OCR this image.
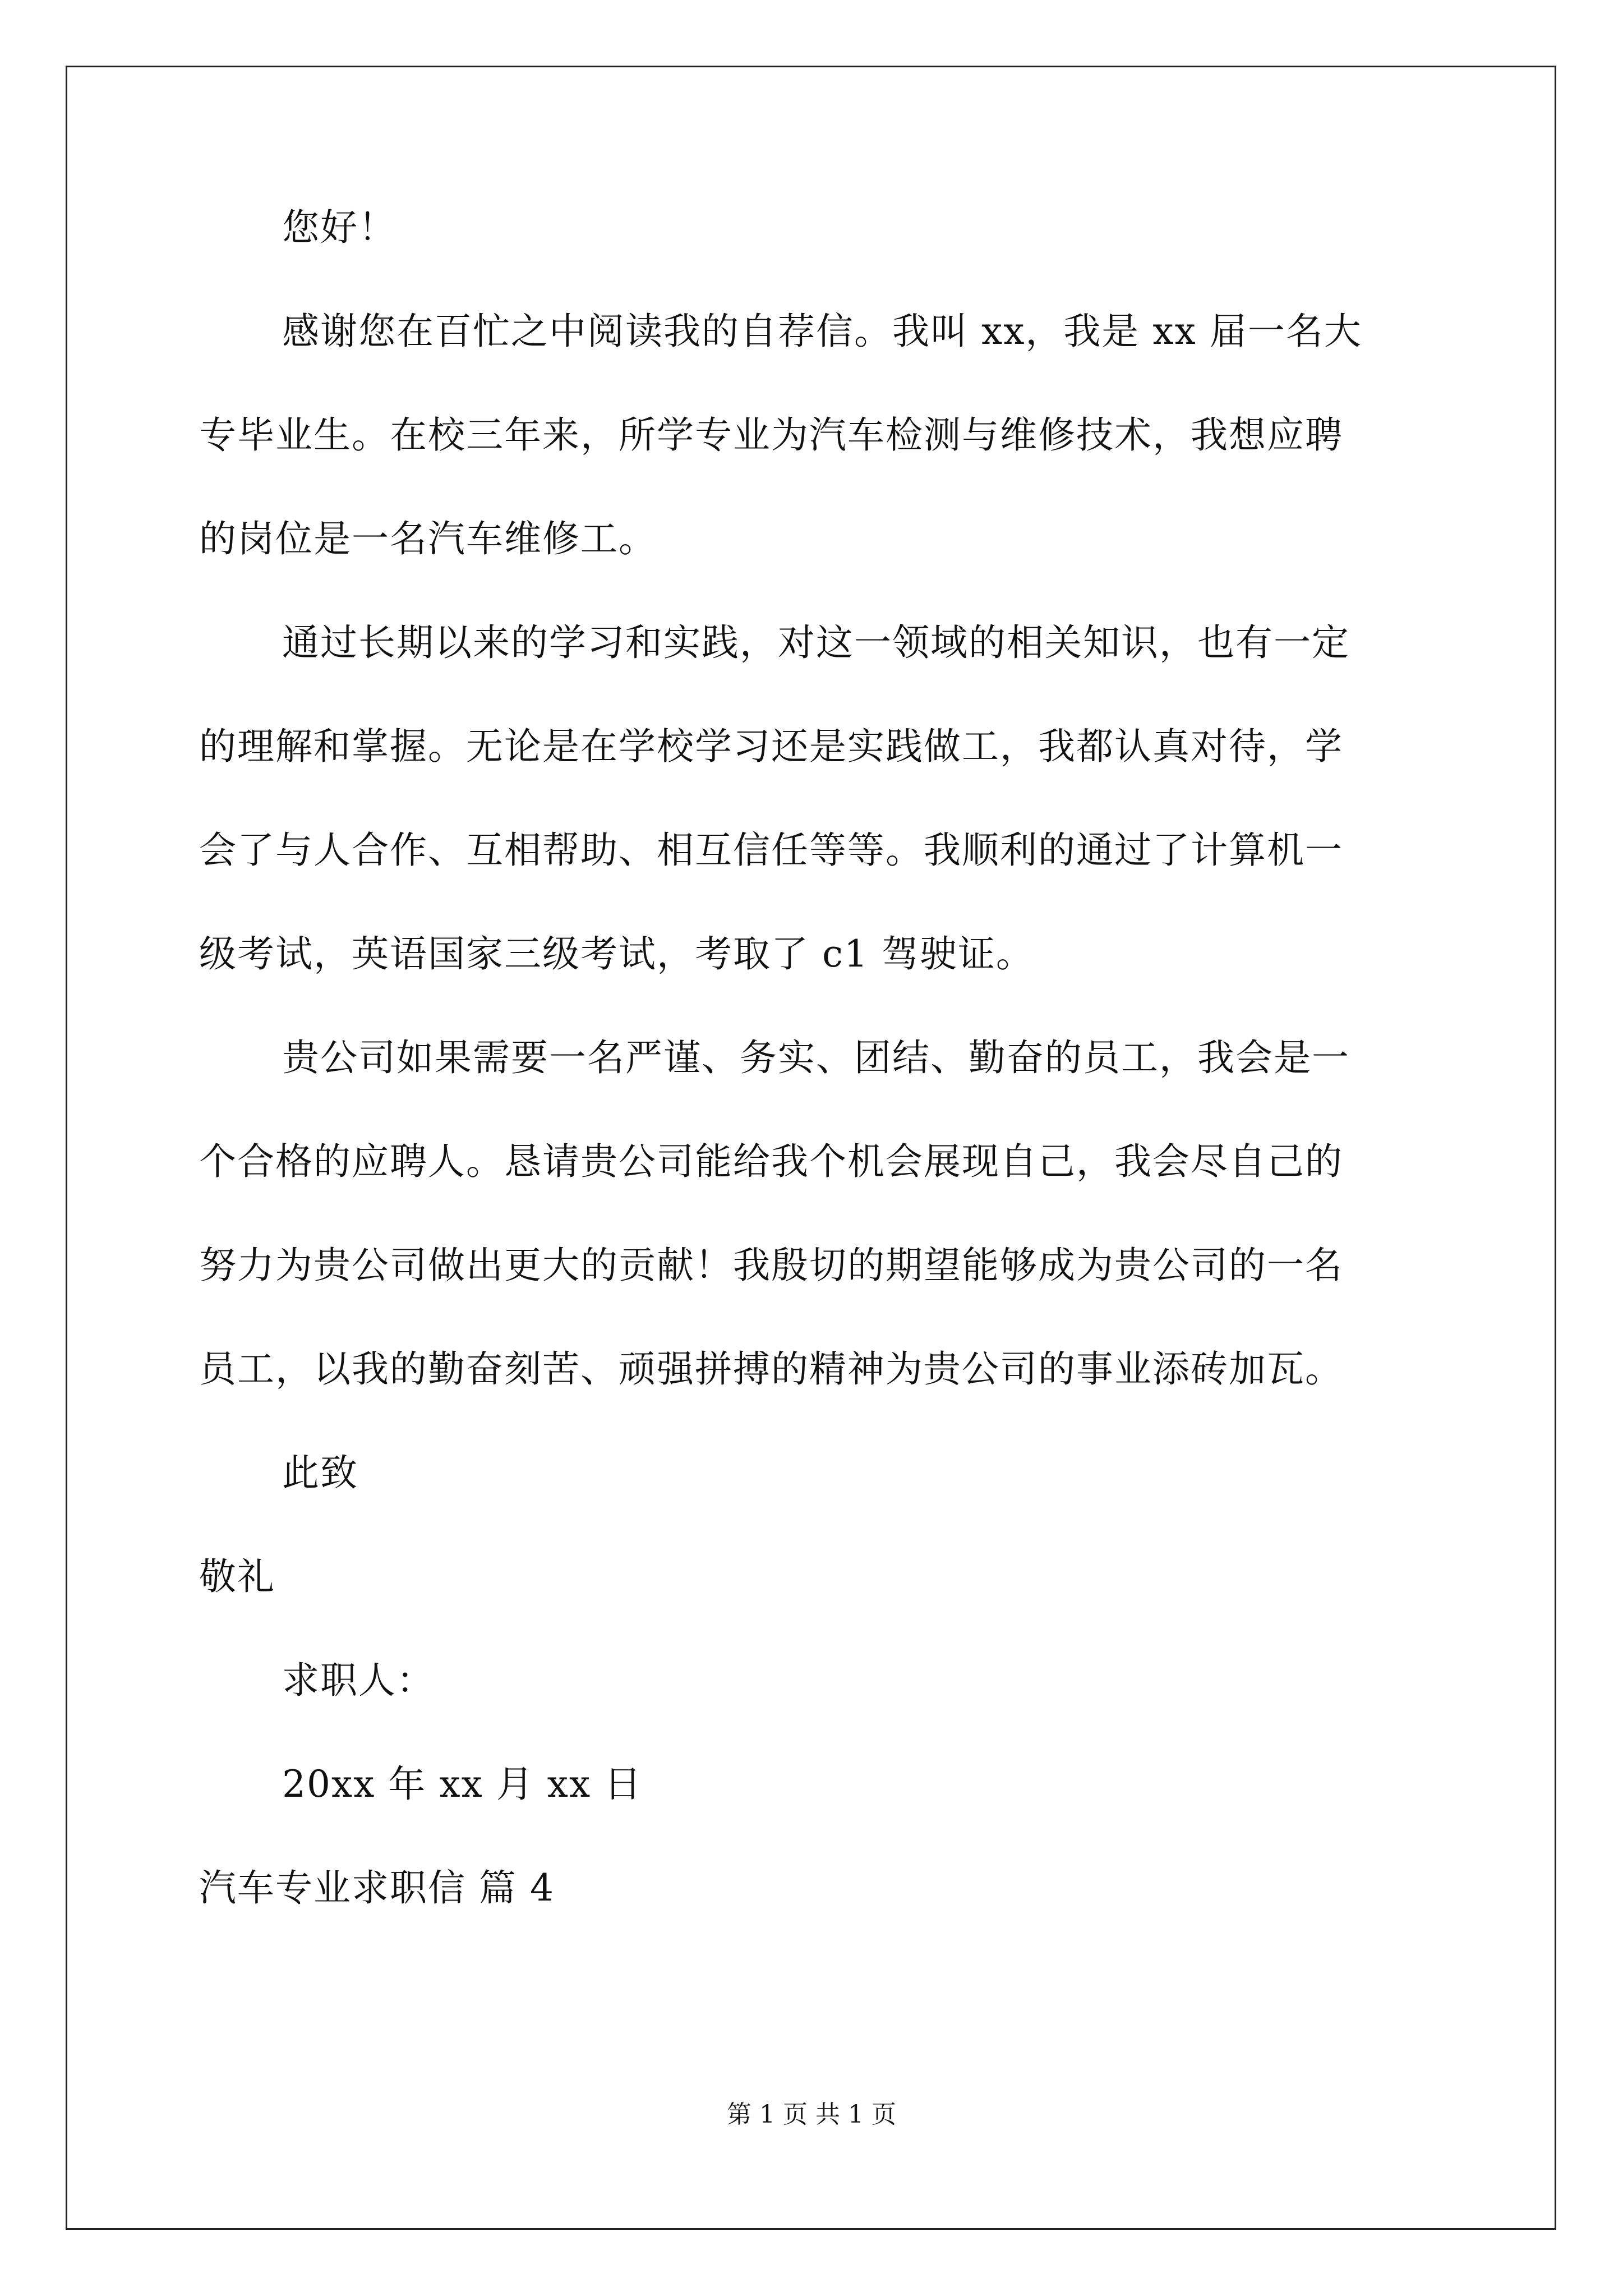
您好！

感谢您在百忙之中阅读我的自荐信。我叫 xx，我是 xx 届一名大

专毕业生。在校三年来，所学专业为汽车检测与维修技术，我想应聘

的岗位是一名汽车维修工。

通过长期以来的学习和实践，对这一领域的相关知识，也有一定

的理解和掌握。无论是在学校学习还是实践做工，我都认真对待，学

会了与人合作、互相帮助、相互信任等等。我顺利的通过了计算机一

级考试，英语国家三级考试，考取了 c1 驾驶证。

贵公司如果需要一名严谨、务实、团结、勤奋的员工，我会是一

个合格的应聘人。恳请贵公司能给我个机会展现自己，我会尽自己的

努力为贵公司做出更大的贡献！我殷切的期望能够成为贵公司的一名

员工，以我的勤奋刻苦、顽强拼搏的精神为贵公司的事业添砖加瓦。

此致

敬礼

求职人：

20xx 年 xx 月 xx 日

汽车专业求职信 篇 4

第 1 页 共 1 页
